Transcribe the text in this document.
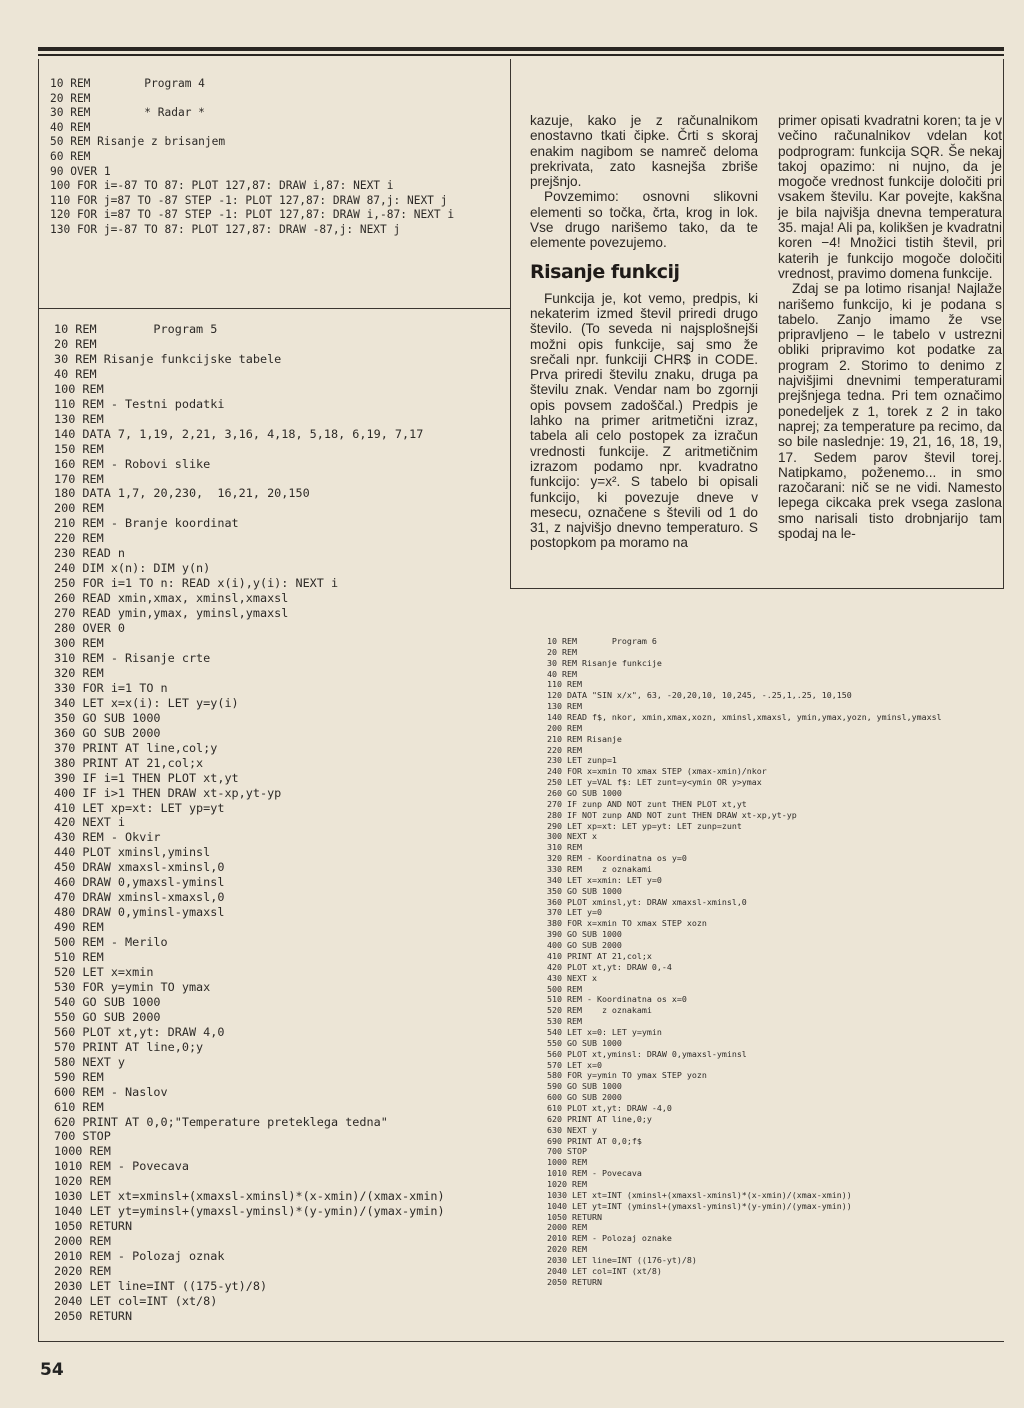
10 REM        Program 4
20 REM
30 REM        * Radar *
40 REM
50 REM Risanje z brisanjem
60 REM
90 OVER 1
100 FOR i=-87 TO 87: PLOT 127,87: DRAW i,87: NEXT i
110 FOR j=87 TO -87 STEP -1: PLOT 127,87: DRAW 87,j: NEXT j
120 FOR i=87 TO -87 STEP -1: PLOT 127,87: DRAW i,-87: NEXT i
130 FOR j=-87 TO 87: PLOT 127,87: DRAW -87,j: NEXT j
10 REM        Program 5
20 REM
30 REM Risanje funkcijske tabele
40 REM
100 REM
110 REM - Testni podatki
130 REM
140 DATA 7, 1,19, 2,21, 3,16, 4,18, 5,18, 6,19, 7,17
150 REM
160 REM - Robovi slike
170 REM
180 DATA 1,7, 20,230,  16,21, 20,150
200 REM
210 REM - Branje koordinat
220 REM
230 READ n
240 DIM x(n): DIM y(n)
250 FOR i=1 TO n: READ x(i),y(i): NEXT i
260 READ xmin,xmax, xminsl,xmaxsl
270 READ ymin,ymax, yminsl,ymaxsl
280 OVER 0
300 REM
310 REM - Risanje crte
320 REM
330 FOR i=1 TO n
340 LET x=x(i): LET y=y(i)
350 GO SUB 1000
360 GO SUB 2000
370 PRINT AT line,col;y
380 PRINT AT 21,col;x
390 IF i=1 THEN PLOT xt,yt
400 IF i>1 THEN DRAW xt-xp,yt-yp
410 LET xp=xt: LET yp=yt
420 NEXT i
430 REM - Okvir
440 PLOT xminsl,yminsl
450 DRAW xmaxsl-xminsl,0
460 DRAW 0,ymaxsl-yminsl
470 DRAW xminsl-xmaxsl,0
480 DRAW 0,yminsl-ymaxsl
490 REM
500 REM - Merilo
510 REM
520 LET x=xmin
530 FOR y=ymin TO ymax
540 GO SUB 1000
550 GO SUB 2000
560 PLOT xt,yt: DRAW 4,0
570 PRINT AT line,0;y
580 NEXT y
590 REM
600 REM - Naslov
610 REM
620 PRINT AT 0,0;"Temperature preteklega tedna"
700 STOP
1000 REM
1010 REM - Povecava
1020 REM
1030 LET xt=xminsl+(xmaxsl-xminsl)*(x-xmin)/(xmax-xmin)
1040 LET yt=yminsl+(ymaxsl-yminsl)*(y-ymin)/(ymax-ymin)
1050 RETURN
2000 REM
2010 REM - Polozaj oznak
2020 REM
2030 LET line=INT ((175-yt)/8)
2040 LET col=INT (xt/8)
2050 RETURN
10 REM       Program 6
20 REM
30 REM Risanje funkcije
40 REM
110 REM
120 DATA "SIN x/x", 63, -20,20,10, 10,245, -.25,1,.25, 10,150
130 REM
140 READ f$, nkor, xmin,xmax,xozn, xminsl,xmaxsl, ymin,ymax,yozn, yminsl,ymaxsl
200 REM
210 REM Risanje
220 REM
230 LET zunp=1
240 FOR x=xmin TO xmax STEP (xmax-xmin)/nkor
250 LET y=VAL f$: LET zunt=y<ymin OR y>ymax
260 GO SUB 1000
270 IF zunp AND NOT zunt THEN PLOT xt,yt
280 IF NOT zunp AND NOT zunt THEN DRAW xt-xp,yt-yp
290 LET xp=xt: LET yp=yt: LET zunp=zunt
300 NEXT x
310 REM
320 REM - Koordinatna os y=0
330 REM    z oznakami
340 LET x=xmin: LET y=0
350 GO SUB 1000
360 PLOT xminsl,yt: DRAW xmaxsl-xminsl,0
370 LET y=0
380 FOR x=xmin TO xmax STEP xozn
390 GO SUB 1000
400 GO SUB 2000
410 PRINT AT 21,col;x
420 PLOT xt,yt: DRAW 0,-4
430 NEXT x
500 REM
510 REM - Koordinatna os x=0
520 REM    z oznakami
530 REM
540 LET x=0: LET y=ymin
550 GO SUB 1000
560 PLOT xt,yminsl: DRAW 0,ymaxsl-yminsl
570 LET x=0
580 FOR y=ymin TO ymax STEP yozn
590 GO SUB 1000
600 GO SUB 2000
610 PLOT xt,yt: DRAW -4,0
620 PRINT AT line,0;y
630 NEXT y
690 PRINT AT 0,0;f$
700 STOP
1000 REM
1010 REM - Povecava
1020 REM
1030 LET xt=INT (xminsl+(xmaxsl-xminsl)*(x-xmin)/(xmax-xmin))
1040 LET yt=INT (yminsl+(ymaxsl-yminsl)*(y-ymin)/(ymax-ymin))
1050 RETURN
2000 REM
2010 REM - Polozaj oznake
2020 REM
2030 LET line=INT ((176-yt)/8)
2040 LET col=INT (xt/8)
2050 RETURN

kazuje, kako je z računalnikom enostavno tkati čipke. Črti s skoraj enakim nagibom se namreč deloma prekrivata, zato kasnejša zbriše prejšnjo.

Povzemimo: osnovni slikovni elementi so točka, črta, krog in lok. Vse drugo narišemo tako, da te elemente povezujemo.

Risanje funkcij

Funkcija je, kot vemo, predpis, ki nekaterim izmed števil priredi drugo število. (To seveda ni najsplošnejši možni opis funkcije, saj smo že srečali npr. funkciji CHR$ in CODE. Prva priredi številu znaku, druga pa številu znak. Vendar nam bo zgornji opis povsem zadoščal.) Predpis je lahko na primer aritmetični izraz, tabela ali celo postopek za izračun vrednosti funkcije. Z aritmetičnim izrazom podamo npr. kvadratno funkcijo: y=x². S tabelo bi opisali funkcijo, ki povezuje dneve v mesecu, označene s števili od 1 do 31, z najvišjo dnevno temperaturo. S postopkom pa moramo na

primer opisati kvadratni koren; ta je v večino računalnikov vdelan kot podprogram: funkcija SQR. Še nekaj takoj opazimo: ni nujno, da je mogoče vrednost funkcije določiti pri vsakem številu. Kar povejte, kakšna je bila najvišja dnevna temperatura 35. maja! Ali pa, kolikšen je kvadratni koren −4! Množici tistih števil, pri katerih je funkcijo mogoče določiti vrednost, pravimo domena funkcije.

Zdaj se pa lotimo risanja! Najlaže narišemo funkcijo, ki je podana s tabelo. Zanjo imamo že vse pripravljeno – le tabelo v ustrezni obliki pripravimo kot podatke za program 2. Storimo to denimo z najvišjimi dnevnimi temperaturami prejšnjega tedna. Pri tem označimo ponedeljek z 1, torek z 2 in tako naprej; za temperature pa recimo, da so bile naslednje: 19, 21, 16, 18, 19, 17. Sedem parov števil torej. Natipkamo, poženemo... in smo razočarani: nič se ne vidi. Namesto lepega cikcaka prek vsega zaslona smo narisali tisto drobnjarijo tam spodaj na le-

54
